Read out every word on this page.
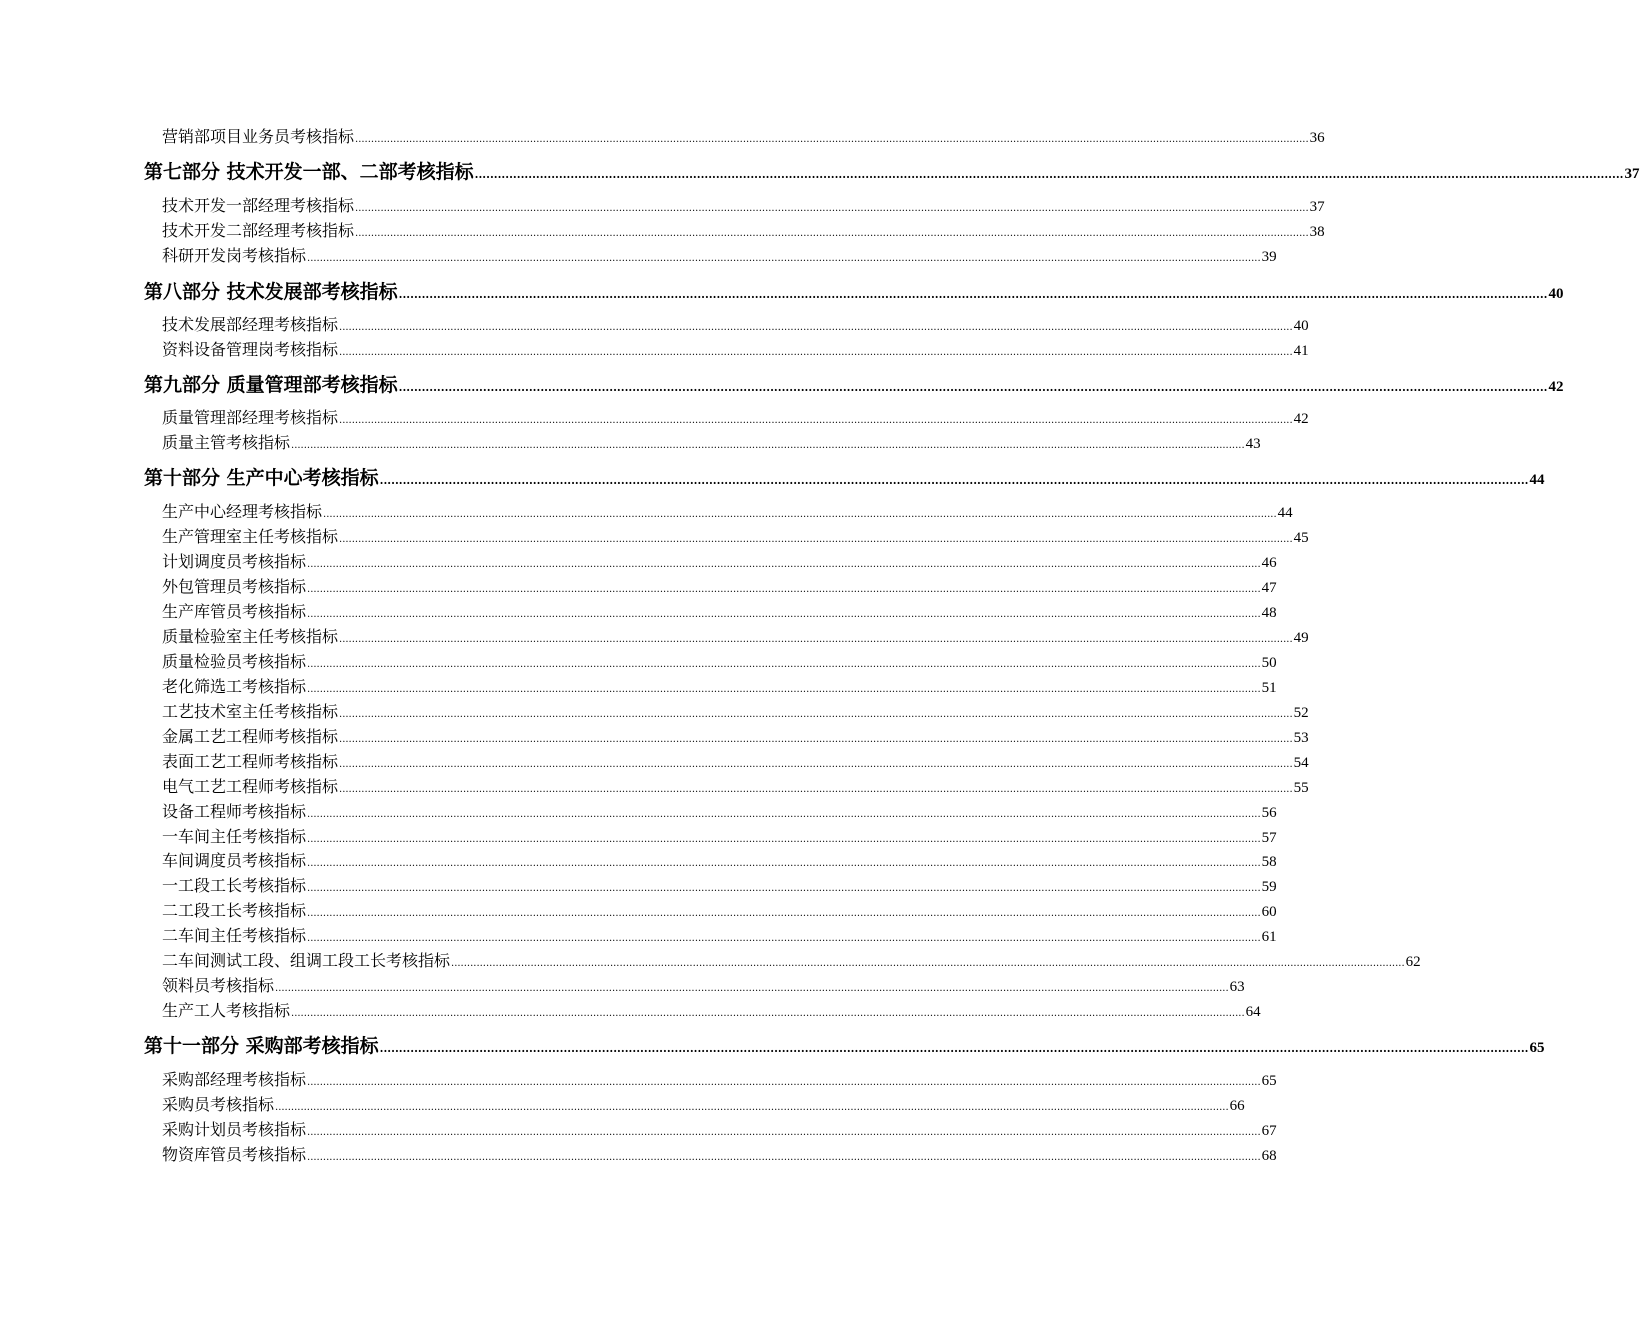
营销部项目业务员考核指标 ............................................................................................................................................................................................................................................................................................................ 36
第七部分 技术开发一部、二部考核指标 ............................................................................................................................................................................................................................................................................................................ 37
技术开发一部经理考核指标 ............................................................................................................................................................................................................................................................................................................ 37
技术开发二部经理考核指标 ............................................................................................................................................................................................................................................................................................................ 38
科研开发岗考核指标 ............................................................................................................................................................................................................................................................................................................ 39
第八部分 技术发展部考核指标 ............................................................................................................................................................................................................................................................................................................ 40
技术发展部经理考核指标 ............................................................................................................................................................................................................................................................................................................ 40
资料设备管理岗考核指标 ............................................................................................................................................................................................................................................................................................................ 41
第九部分 质量管理部考核指标 ............................................................................................................................................................................................................................................................................................................ 42
质量管理部经理考核指标 ............................................................................................................................................................................................................................................................................................................ 42
质量主管考核指标 ............................................................................................................................................................................................................................................................................................................ 43
第十部分 生产中心考核指标 ............................................................................................................................................................................................................................................................................................................ 44
生产中心经理考核指标 ............................................................................................................................................................................................................................................................................................................ 44
生产管理室主任考核指标 ............................................................................................................................................................................................................................................................................................................ 45
计划调度员考核指标 ............................................................................................................................................................................................................................................................................................................ 46
外包管理员考核指标 ............................................................................................................................................................................................................................................................................................................ 47
生产库管员考核指标 ............................................................................................................................................................................................................................................................................................................ 48
质量检验室主任考核指标 ............................................................................................................................................................................................................................................................................................................ 49
质量检验员考核指标 ............................................................................................................................................................................................................................................................................................................ 50
老化筛选工考核指标 ............................................................................................................................................................................................................................................................................................................ 51
工艺技术室主任考核指标 ............................................................................................................................................................................................................................................................................................................ 52
金属工艺工程师考核指标 ............................................................................................................................................................................................................................................................................................................ 53
表面工艺工程师考核指标 ............................................................................................................................................................................................................................................................................................................ 54
电气工艺工程师考核指标 ............................................................................................................................................................................................................................................................................................................ 55
设备工程师考核指标 ............................................................................................................................................................................................................................................................................................................ 56
一车间主任考核指标 ............................................................................................................................................................................................................................................................................................................ 57
车间调度员考核指标 ............................................................................................................................................................................................................................................................................................................ 58
一工段工长考核指标 ............................................................................................................................................................................................................................................................................................................ 59
二工段工长考核指标 ............................................................................................................................................................................................................................................................................................................ 60
二车间主任考核指标 ............................................................................................................................................................................................................................................................................................................ 61
二车间测试工段、组调工段工长考核指标 ............................................................................................................................................................................................................................................................................................................ 62
领料员考核指标 ............................................................................................................................................................................................................................................................................................................ 63
生产工人考核指标 ............................................................................................................................................................................................................................................................................................................ 64
第十一部分 采购部考核指标 ............................................................................................................................................................................................................................................................................................................ 65
采购部经理考核指标 ............................................................................................................................................................................................................................................................................................................ 65
采购员考核指标 ............................................................................................................................................................................................................................................................................................................ 66
采购计划员考核指标 ............................................................................................................................................................................................................................................................................................................ 67
物资库管员考核指标 ............................................................................................................................................................................................................................................................................................................ 68
